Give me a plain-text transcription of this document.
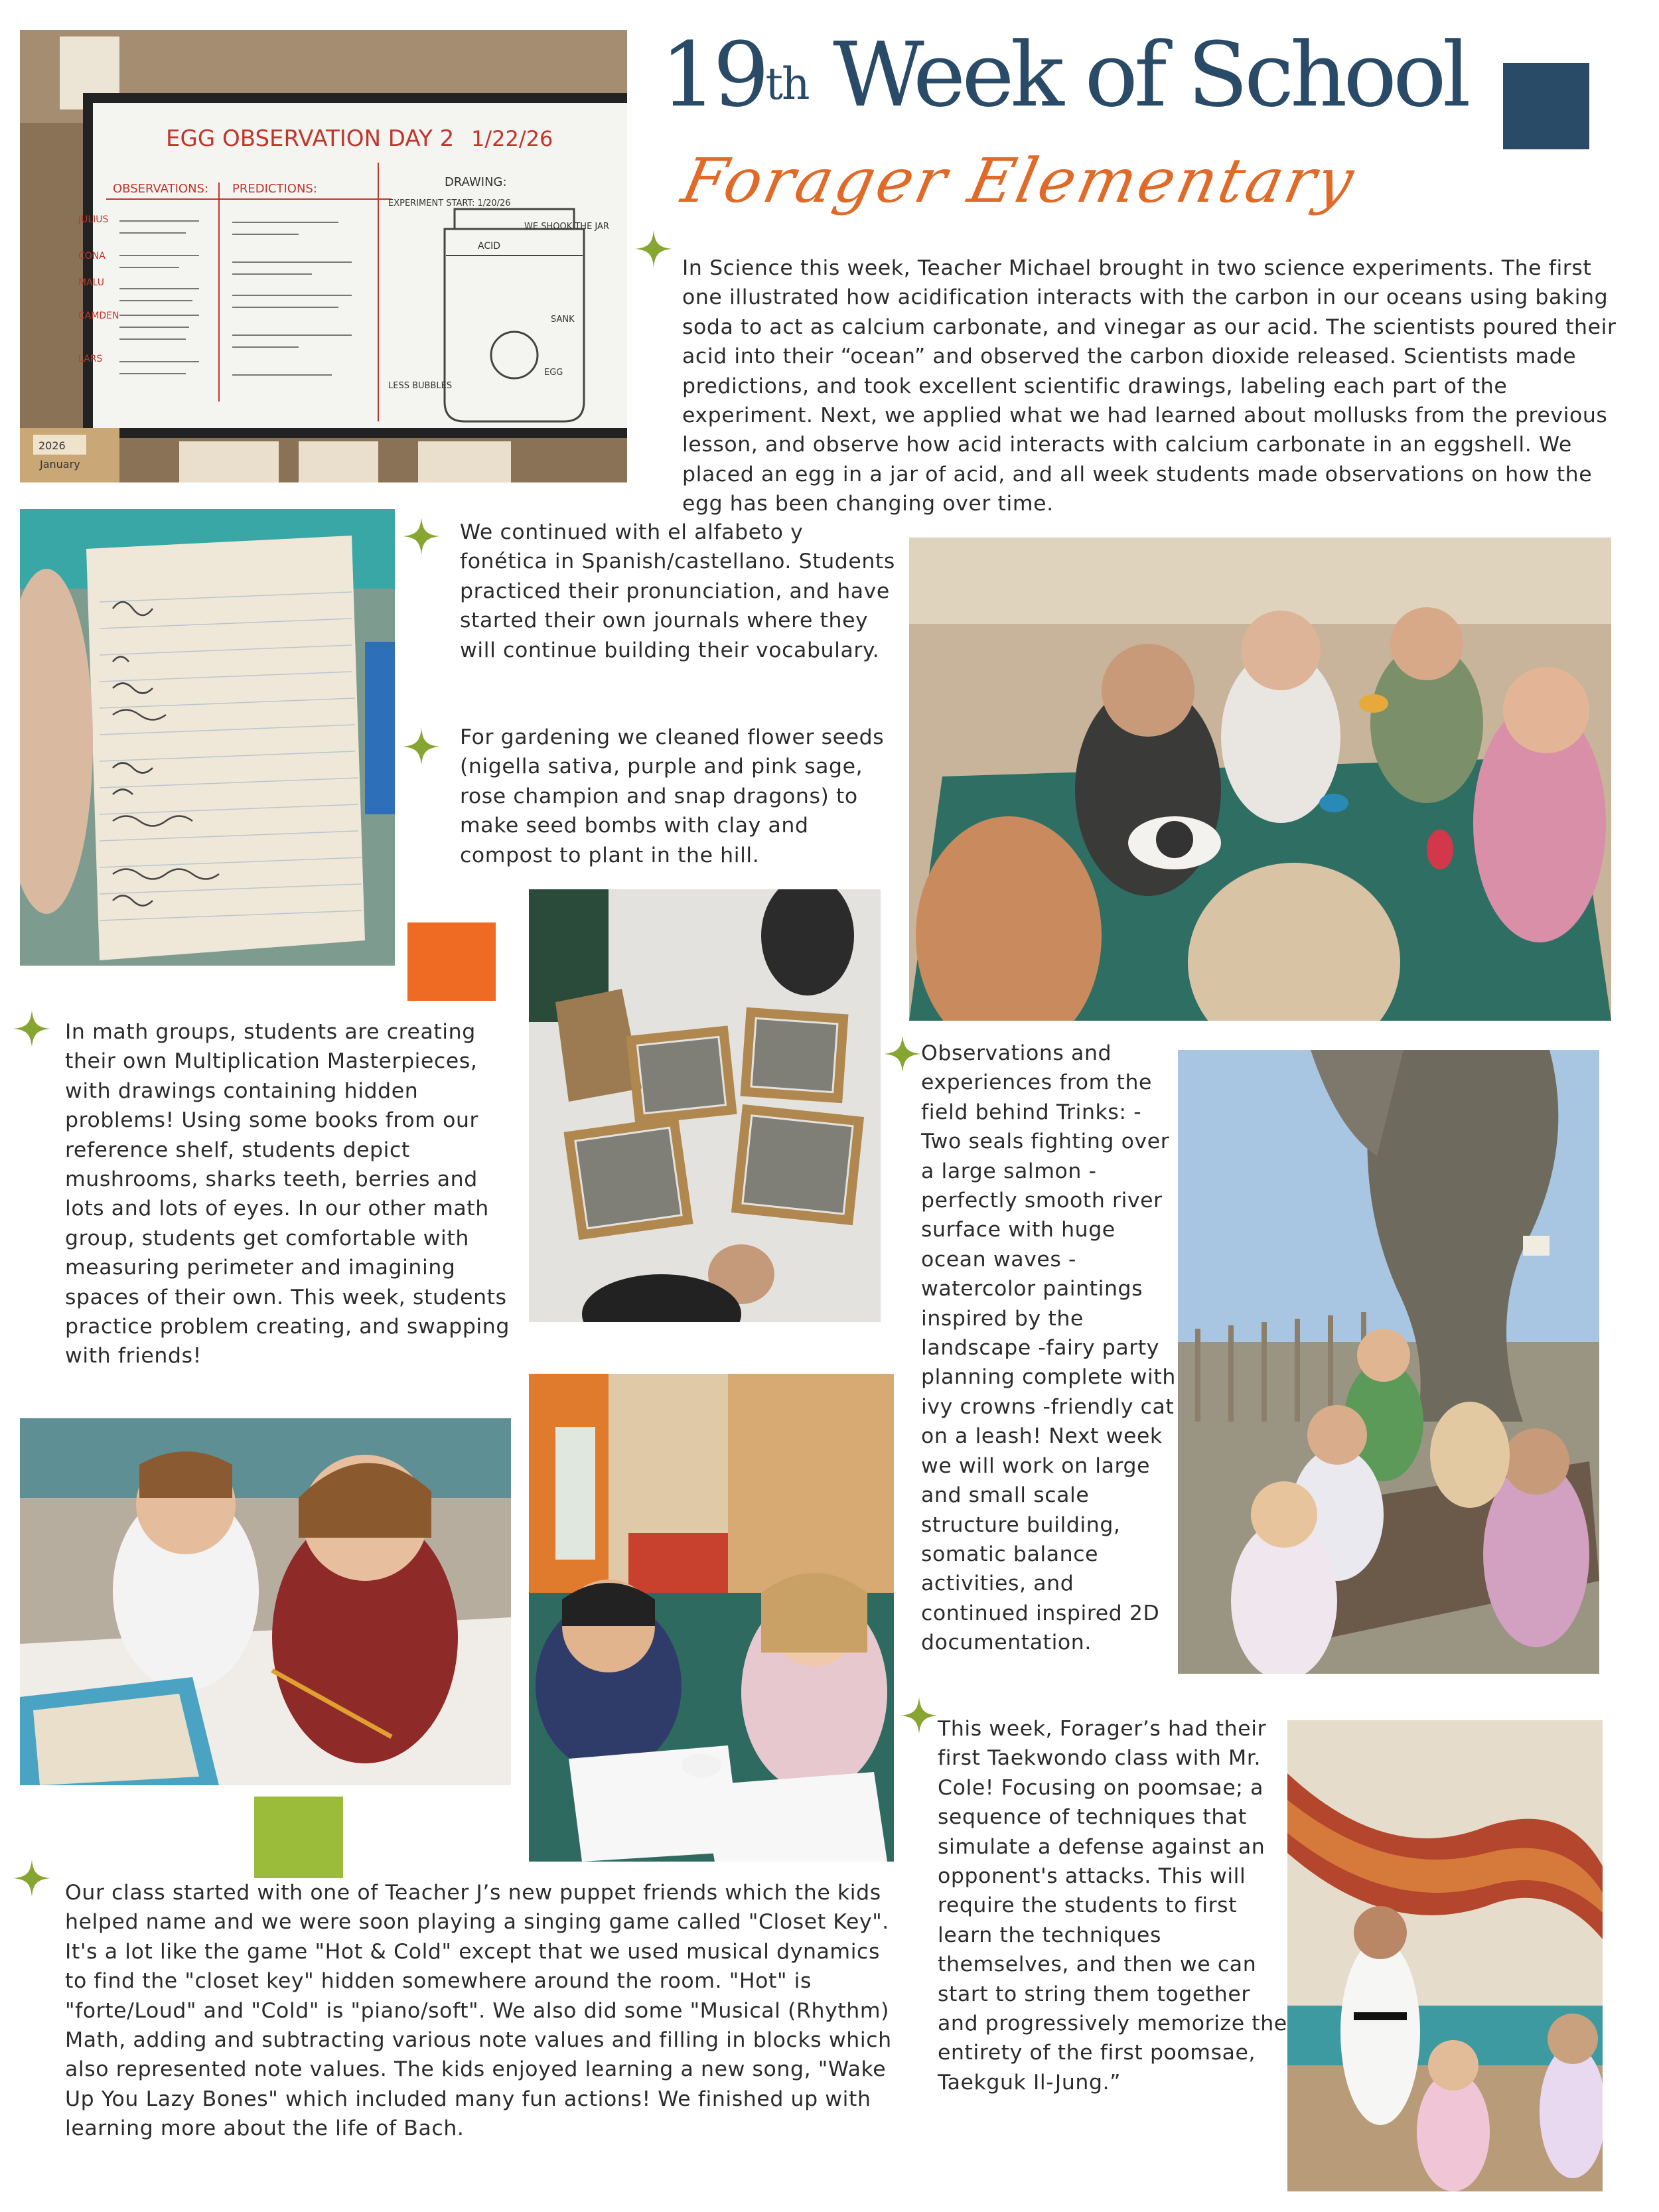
19th Week of School
Forager Elementary
EGG OBSERVATION DAY 2 1/22/26
OBSERVATIONS: PREDICTIONS:	DRAWING:
JULIUS
CONA
MALU
CAMDEN
LARS
EXPERIMENT START: 1/20/26
ACID
LESS BUBBLES
EGG
WE SHOOK THE JAR
SANK
2026
January

In Science this week, Teacher Michael brought in two science experiments. The first one illustrated how acidification interacts with the carbon in our oceans using baking soda to act as calcium carbonate, and vinegar as our acid. The scientists poured their acid into their “ocean” and observed the carbon dioxide released. Scientists made predictions, and took excellent scientific drawings, labeling each part of the experiment. Next, we applied what we had learned about mollusks from the previous lesson, and observe how acid interacts with calcium carbonate in an eggshell. We placed an egg in a jar of acid, and all week students made observations on how the egg has been changing over time.

We continued with el alfabeto y fonética in Spanish/castellano. Students practiced their pronunciation, and have started their own journals where they will continue building their vocabulary.

For gardening we cleaned flower seeds (nigella sativa, purple and pink sage, rose champion and snap dragons) to make seed bombs with clay and compost to plant in the hill.

In math groups, students are creating their own Multiplication Masterpieces, with drawings containing hidden problems! Using some books from our reference shelf, students depict mushrooms, sharks teeth, berries and lots and lots of eyes. In our other math group, students get comfortable with measuring perimeter and imagining spaces of their own. This week, students practice problem creating, and swapping with friends!

Observations and experiences from the field behind Trinks: - Two seals fighting over a large salmon -perfectly smooth river surface with huge ocean waves - watercolor paintings inspired by the landscape -fairy party planning complete with ivy crowns -friendly cat on a leash! Next week we will work on large and small scale structure building, somatic balance activities, and continued inspired 2D documentation.

Our class started with one of Teacher J’s new puppet friends which the kids helped name and we were soon playing a singing game called "Closet Key". It's a lot like the game "Hot & Cold" except that we used musical dynamics to find the "closet key" hidden somewhere around the room. "Hot" is "forte/Loud" and "Cold" is "piano/soft". We also did some "Musical (Rhythm) Math, adding and subtracting various note values and filling in blocks which also represented note values. The kids enjoyed learning a new song, "Wake Up You Lazy Bones" which included many fun actions! We finished up with learning more about the life of Bach.

This week, Forager’s had their first Taekwondo class with Mr. Cole! Focusing on poomsae; a sequence of techniques that simulate a defense against an opponent's attacks. This will require the students to first learn the techniques themselves, and then we can start to string them together and progressively memorize the entirety of the first poomsae, Taekguk Il-Jung.”
